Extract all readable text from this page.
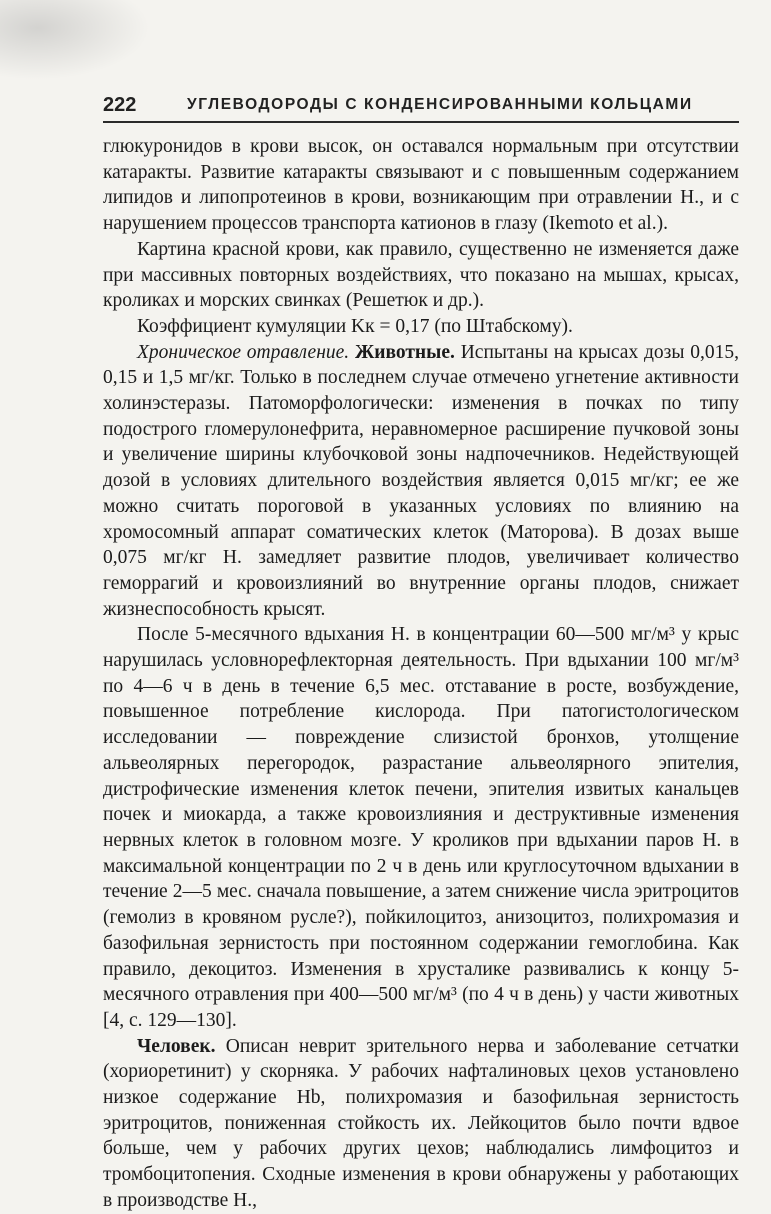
222	УГЛЕВОДОРОДЫ С КОНДЕНСИРОВАННЫМИ КОЛЬЦАМИ

глюкуронидов в крови высок, он оставался нормальным при отсутствии катаракты. Развитие катаракты связывают и с повышенным содержанием липидов и липопротеинов в крови, возникающим при отравлении Н., и с нарушением процессов транспорта катионов в глазу (Ikemoto et al.).

Картина красной крови, как правило, существенно не изменяется даже при массивных повторных воздействиях, что показано на мышах, крысах, кроликах и морских свинках (Решетюк и др.).

Коэффициент кумуляции Kк = 0,17 (по Штабскому).

Хроническое отравление. Животные. Испытаны на крысах дозы 0,015, 0,15 и 1,5 мг/кг. Только в последнем случае отмечено угнетение активности холинэстеразы. Патоморфологически: изменения в почках по типу подострого гломерулонефрита, неравномерное расширение пучковой зоны и увеличение ширины клубочковой зоны надпочечников. Недействующей дозой в условиях длительного воздействия является 0,015 мг/кг; ее же можно считать пороговой в указанных условиях по влиянию на хромосомный аппарат соматических клеток (Маторова). В дозах выше 0,075 мг/кг Н. замедляет развитие плодов, увеличивает количество геморрагий и кровоизлияний во внутренние органы плодов, снижает жизнеспособность крысят.

После 5-месячного вдыхания Н. в концентрации 60—500 мг/м³ у крыс нарушилась условнорефлекторная деятельность. При вдыхании 100 мг/м³ по 4—6 ч в день в течение 6,5 мес. отставание в росте, возбуждение, повышенное потребление кислорода. При патогистологическом исследовании — повреждение слизистой бронхов, утолщение альвеолярных перегородок, разрастание альвеолярного эпителия, дистрофические изменения клеток печени, эпителия извитых канальцев почек и миокарда, а также кровоизлияния и деструктивные изменения нервных клеток в головном мозге. У кроликов при вдыхании паров Н. в максимальной концентрации по 2 ч в день или круглосуточном вдыхании в течение 2—5 мес. сначала повышение, а затем снижение числа эритроцитов (гемолиз в кровяном русле?), пойкилоцитоз, анизоцитоз, полихромазия и базофильная зернистость при постоянном содержании гемоглобина. Как правило, декоцитоз. Изменения в хрусталике развивались к концу 5-месячного отравления при 400—500 мг/м³ (по 4 ч в день) у части животных [4, с. 129—130].

Человек. Описан неврит зрительного нерва и заболевание сетчатки (хориоретинит) у скорняка. У рабочих нафталиновых цехов установлено низкое содержание Hb, полихромазия и базофильная зернистость эритроцитов, пониженная стойкость их. Лейкоцитов было почти вдвое больше, чем у рабочих других цехов; наблюдались лимфоцитоз и тромбоцитопения. Сходные изменения в крови обнаружены у работающих в производстве Н.,
